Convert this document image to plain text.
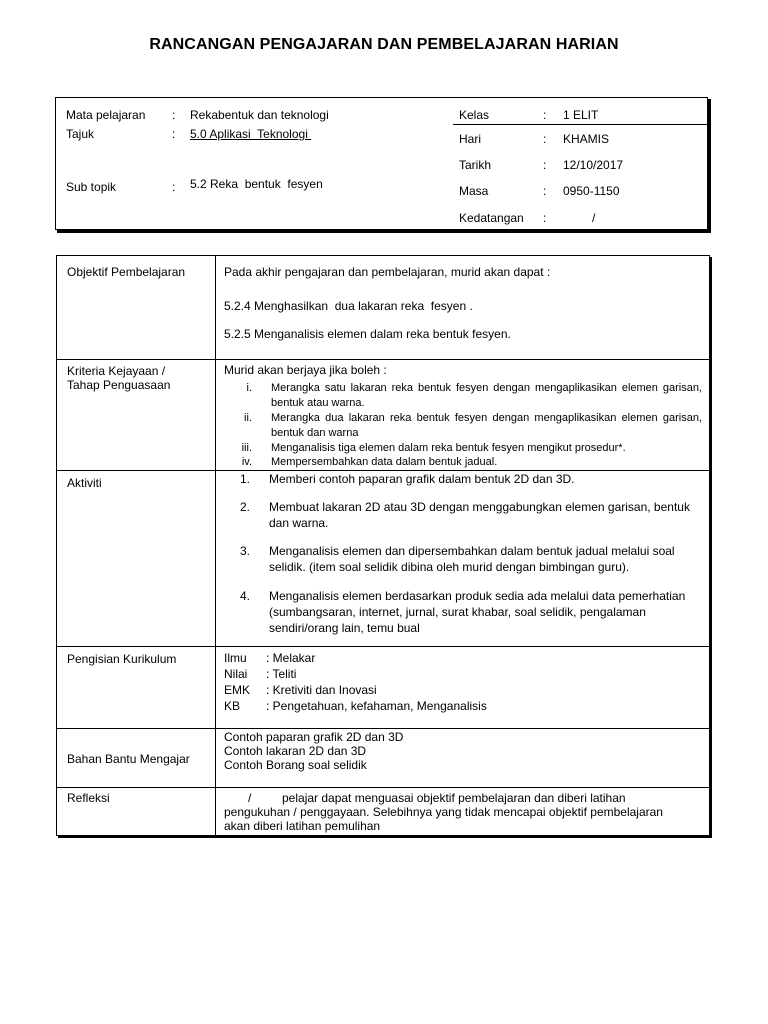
RANCANGAN PENGAJARAN DAN PEMBELAJARAN HARIAN
Mata pelajaran : Rekabentuk dan teknologi
Tajuk	: 5.0 Aplikasi  Teknologi
Sub topik	: 5.2 Reka  bentuk  fesyen
Kelas	: 1 ELIT
Hari	: KHAMIS
Tarikh	: 12/10/2017
Masa	: 0950-1150
Kedatangan :	/
Objektif Pembelajaran	Pada akhir pengajaran dan pembelajaran, murid akan dapat :
5.2.4 Menghasilkan  dua lakaran reka  fesyen .
5.2.5 Menganalisis elemen dalam reka bentuk fesyen.
Kriteria Kejayaan /
Tahap Penguasaan
Murid akan berjaya jika boleh :
i. Merangka satu lakaran reka bentuk fesyen dengan mengaplikasikan elemen garisan, bentuk atau warna.
ii. Merangka dua lakaran reka bentuk fesyen dengan mengaplikasikan elemen garisan, bentuk dan warna
iii. Menganalisis tiga elemen dalam reka bentuk fesyen mengikut prosedur*.
iv. Mempersembahkan data dalam bentuk jadual.
Aktiviti	1. Memberi contoh paparan grafik dalam bentuk 2D dan 3D.
2. Membuat lakaran 2D atau 3D dengan menggabungkan elemen garisan, bentuk dan warna.
3. Menganalisis elemen dan dipersembahkan dalam bentuk jadual melalui soal selidik. (item soal selidik dibina oleh murid dengan bimbingan guru).
4. Menganalisis elemen berdasarkan produk sedia ada melalui data pemerhatian (sumbangsaran, internet, jurnal, surat khabar, soal selidik, pengalaman sendiri/orang lain, temu bual
Pengisian Kurikulum	Ilmu : Melakar
Nilai : Teliti
EMK : Kretiviti dan Inovasi
KB : Pengetahuan, kefahaman, Menganalisis
Bahan Bantu Mengajar
Contoh paparan grafik 2D dan 3D
Contoh lakaran 2D dan 3D
Contoh Borang soal selidik
Refleksi	/	pelajar dapat menguasai objektif pembelajaran dan diberi latihan
pengukuhan / penggayaan. Selebihnya yang tidak mencapai objektif pembelajaran
akan diberi latihan pemulihan
